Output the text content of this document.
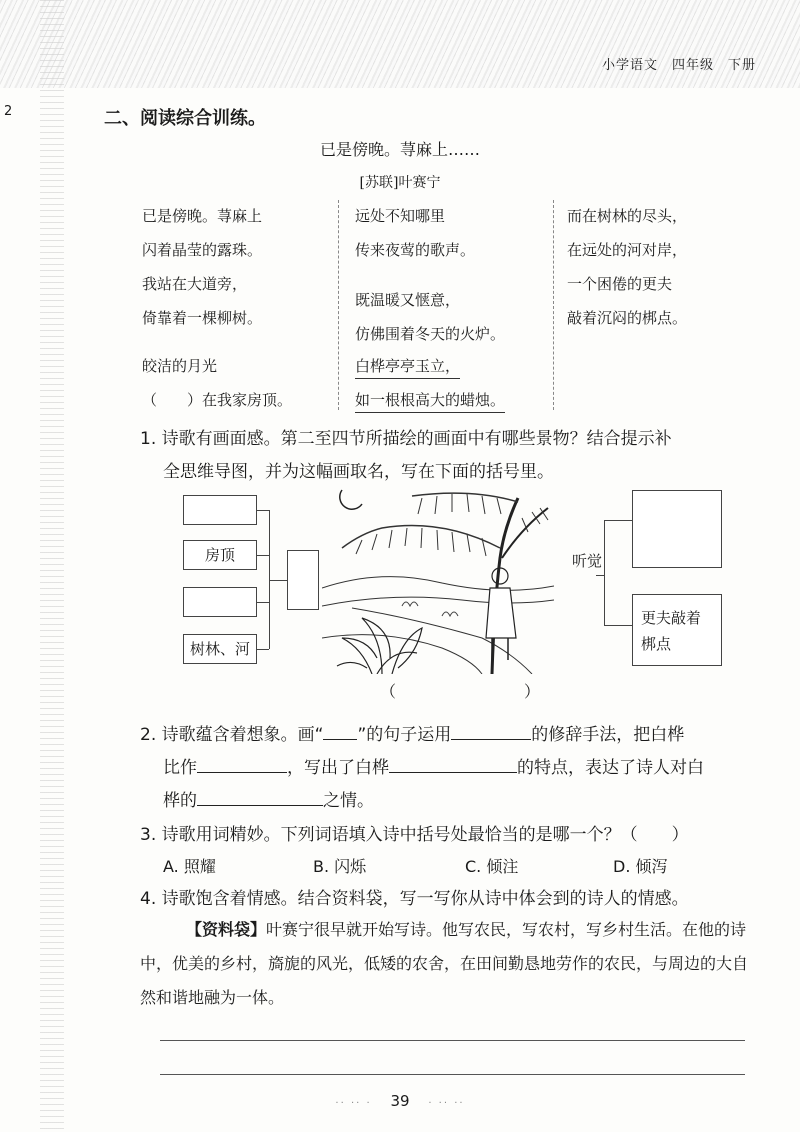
小学语文　四年级　下册
2	二、阅读综合训练。
已是傍晚。荨麻上……
[苏联]叶赛宁
已是傍晚。荨麻上
闪着晶莹的露珠。
我站在大道旁，
倚靠着一棵柳树。
皎洁的月光
（　　）在我家房顶。
远处不知哪里
传来夜莺的歌声。
既温暖又惬意，
仿佛围着冬天的火炉。
白桦亭亭玉立，
如一根根高大的蜡烛。
而在树林的尽头，
在远处的河对岸，
一个困倦的更夫
敲着沉闷的梆点。
1. 诗歌有画面感。第二至四节所描绘的画面中有哪些景物？结合提示补
全思维导图，并为这幅画取名，写在下面的括号里。
房顶
树林、河
听觉
更夫敲着梆点
（　　　　　　　　）
2. 诗歌蕴含着想象。画“ ”的句子运用	的修辞手法，把白桦
比作	，写出了白桦	的特点，表达了诗人对白
桦的	之情。
3. 诗歌用词精妙。下列词语填入诗中括号处最恰当的是哪一个？（　　）
A. 照耀	B. 闪烁	C. 倾注	D. 倾泻
4. 诗歌饱含着情感。结合资料袋，写一写你从诗中体会到的诗人的情感。
【资料袋】叶赛宁很早就开始写诗。他写农民，写农村，写乡村生活。在他的诗中，优美的乡村，旖旎的风光，低矮的农舍，在田间勤恳地劳作的农民，与周边的大自然和谐地融为一体。
·· ·· · 39 · ·· ··
